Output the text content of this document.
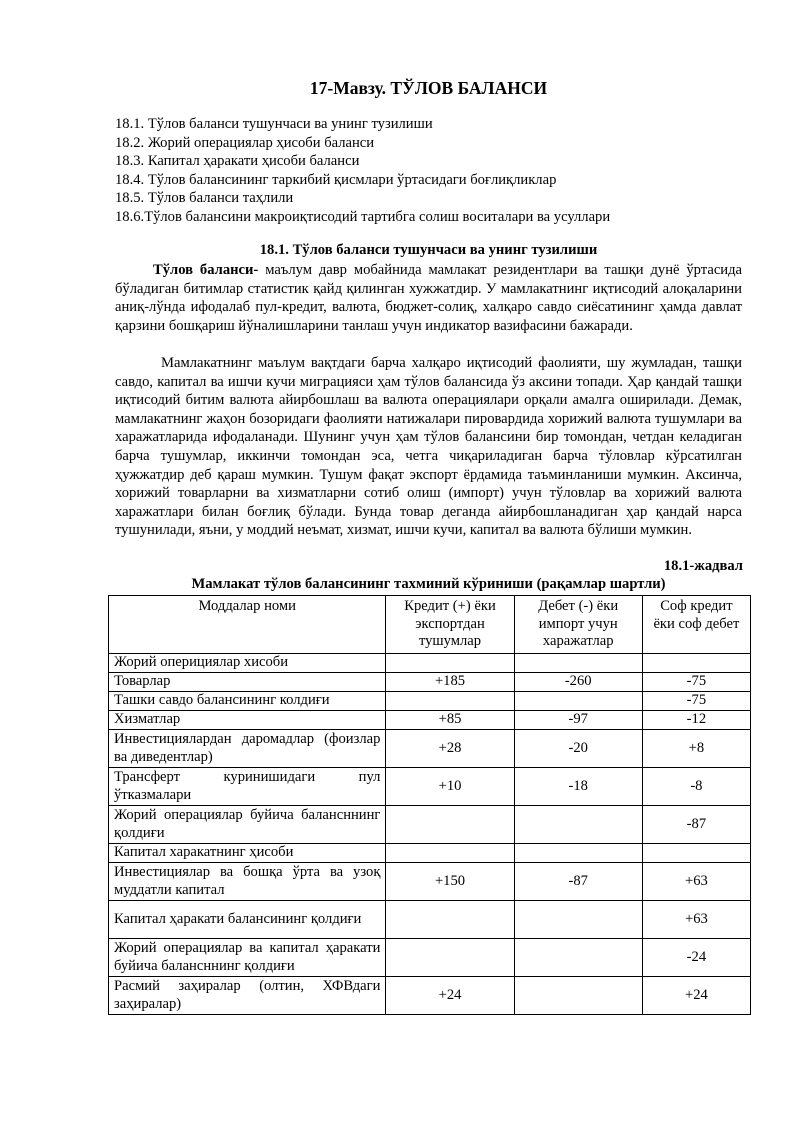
17-Мавзу. ТЎЛОВ БАЛАНСИ
18.1. Тўлов баланси тушунчаси ва унинг тузилиши
18.2. Жорий операциялар ҳисоби баланси
18.3. Капитал ҳаракати ҳисоби баланси
18.4. Тўлов балансининг таркибий қисмлари ўртасидаги боғлиқликлар
18.5. Тўлов баланси таҳлили
18.6.Тўлов балансини макроиқтисодий тартибга солиш воситалари ва усуллари
18.1. Тўлов баланси тушунчаси ва унинг тузилиши
Тўлов баланси- маълум давр мобайнида мамлакат резидентлари ва ташқи дунё ўртасида бўладиган битимлар статистик қайд қилинган хужжатдир. У мамлакатнинг иқтисодий алоқаларини аниқ-лўнда ифодалаб пул-кредит, валюта, бюджет-солиқ, халқаро савдо сиёсатининг ҳамда давлат қарзини бошқариш йўналишларини танлаш учун индикатор вазифасини бажаради.
Мамлакатнинг маълум вақтдаги барча халқаро иқтисодий фаолияти, шу жумладан, ташқи савдо, капитал ва ишчи кучи миграцияси ҳам тўлов балансида ўз аксини топади. Ҳар қандай ташқи иқтисодий битим валюта айирбошлаш ва валюта операциялари орқали амалга оширилади. Демак, мамлакатнинг жаҳон бозоридаги фаолияти натижалари пировардида хорижий валюта тушумлари ва харажатларида ифодаланади. Шунинг учун ҳам тўлов балансини бир томондан, четдан келадиган барча тушумлар, иккинчи томондан эса, четга чиқариладиган барча тўловлар кўрсатилган ҳужжатдир деб қараш мумкин. Тушум фақат экспорт ёрдамида таъминланиши мумкин. Аксинча, хорижий товарларни ва хизматларни сотиб олиш (импорт) учун тўловлар ва хорижий валюта харажатлари билан боғлиқ бўлади. Бунда товар деганда айирбошланадиган ҳар қандай нарса тушунилади, яъни, у моддий неъмат, хизмат, ишчи кучи, капитал ва валюта бўлиши мумкин.
18.1-жадвал
Мамлакат тўлов балансининг тахминий кўриниши (рақамлар шартли)
Моддалар номи	Кредит (+) ёки экспортдан тушумлар	Дебет (-) ёки импорт учун харажатлар	Соф кредит ёки соф дебет
Жорий оперициялар хисоби			
Товарлар	+185	-260	-75
Ташки савдо балансининг колдиғи			-75
Хизматлар	+85	-97	-12
Инвестициялардан даромадлар (фоизлар ва диведентлар)	+28	-20	+8
Трансферт куринишидаги пул ўтказмалари	+10	-18	-8
Жорий операциялар буйича балансннинг қолдиғи			-87
Капитал харакатнинг ҳисоби			
Инвестициялар ва бошқа ўрта ва узоқ муддатли капитал	+150	-87	+63
Капитал ҳаракати балансининг қолдиғи			+63
Жорий операциялар ва капитал ҳаракати буйича балансннинг қолдиғи			-24
Расмий заҳиралар (олтин, ХФВдаги заҳиралар)	+24		+24
